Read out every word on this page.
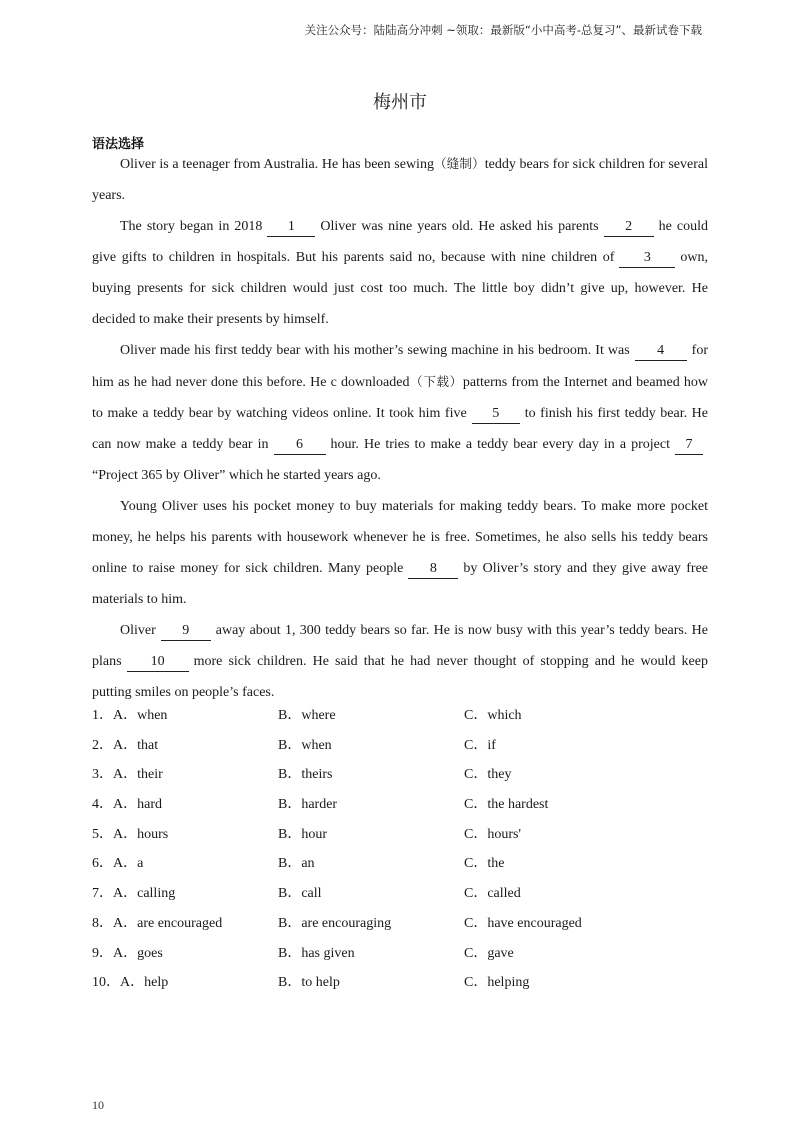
关注公众号：陆陆高分冲刺 ~领取：最新版“小中高考-总复习”、最新试卷下载
梅州市
语法选择

Oliver is a teenager from Australia. He has been sewing（缝制）teddy bears for sick children for several years.

The story began in 2018 1 Oliver was nine years old. He asked his parents 2 he could give gifts to children in hospitals. But his parents said no, because with nine children of 3 own, buying presents for sick children would just cost too much. The little boy didn’t give up, however. He decided to make their presents by himself.

Oliver made his first teddy bear with his mother’s sewing machine in his bedroom. It was 4 for him as he had never done this before. He c downloaded（下载）patterns from the Internet and beamed how to make a teddy bear by watching videos online. It took him five 5 to finish his first teddy bear. He can now make a teddy bear in 6 hour. He tries to make a teddy bear every day in a project 7“Project 365 by Oliver” which he started years ago.

Young Oliver uses his pocket money to buy materials for making teddy bears. To make more pocket money, he helps his parents with housework whenever he is free. Sometimes, he also sells his teddy bears online to raise money for sick children. Many people 8 by Oliver’s story and they give away free materials to him.

Oliver 9 away about 1, 300 teddy bears so far. He is now busy with this year’s teddy bears. He plans 10 more sick children. He said that he had never thought of stopping and he would keep putting smiles on people’s faces.

1．A．when	B．where	C．which
2．A．that	B．when	C．if
3．A．their	B．theirs	C．they
4．A．hard	B．harder	C．the hardest
5．A．hours	B．hour	C．hours'
6．A．a	B．an	C．the
7．A．calling	B．call	C．called
8．A．are encouraged	B．are encouraging	C．have encouraged
9．A．goes	B．has given	C．gave
10．A．help	B．to help	C．helping
10
